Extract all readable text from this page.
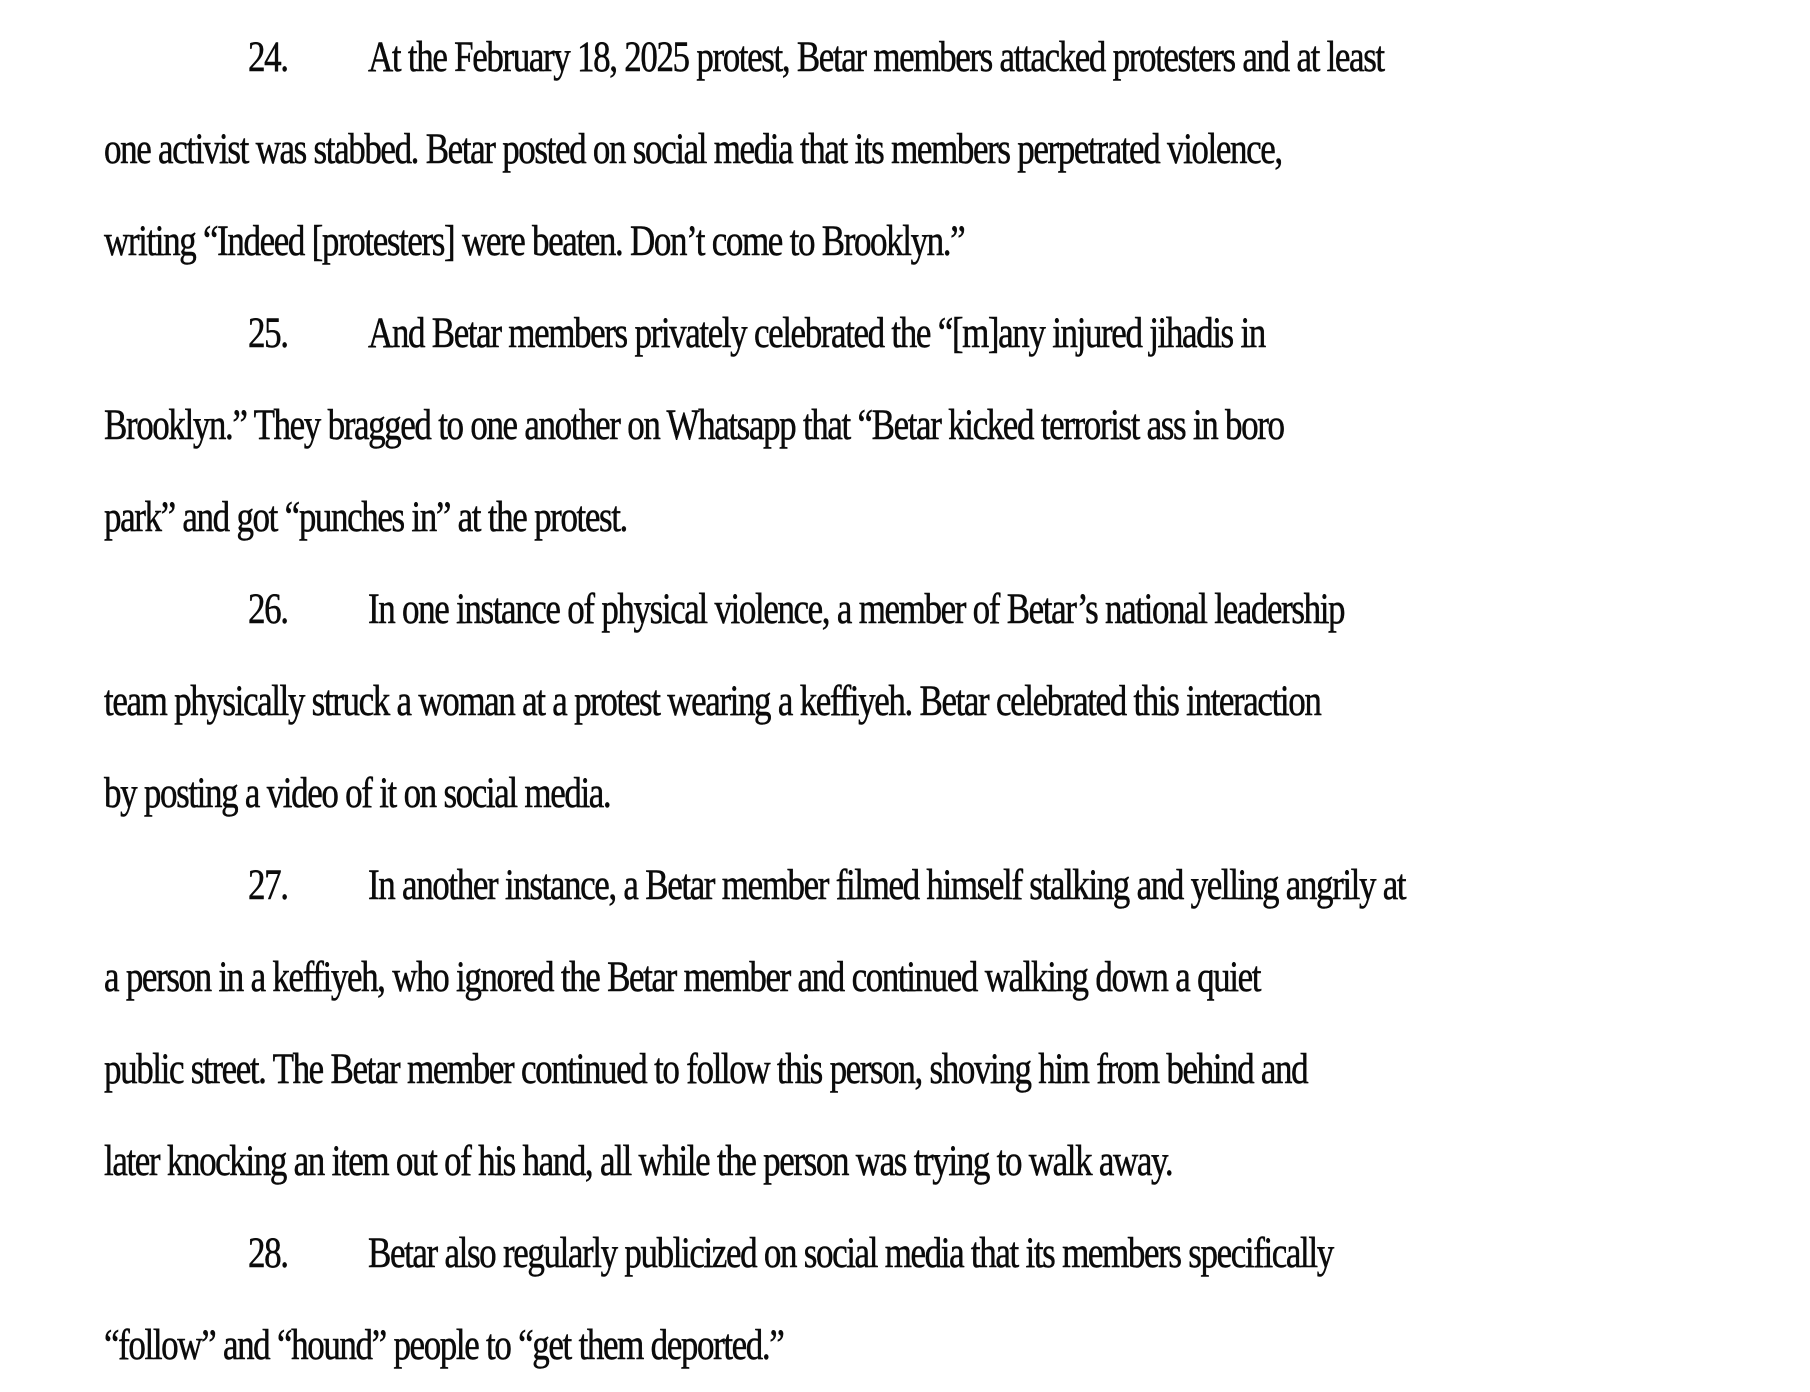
24. At the February 18, 2025 protest, Betar members attacked protesters and at least
one activist was stabbed. Betar posted on social media that its members perpetrated violence,
writing “Indeed [protesters] were beaten. Don’t come to Brooklyn.”
25. And Betar members privately celebrated the “[m]any injured jihadis in
Brooklyn.” They bragged to one another on Whatsapp that “Betar kicked terrorist ass in boro
park” and got “punches in” at the protest.
26. In one instance of physical violence, a member of Betar’s national leadership
team physically struck a woman at a protest wearing a keffiyeh. Betar celebrated this interaction
by posting a video of it on social media.
27. In another instance, a Betar member filmed himself stalking and yelling angrily at
a person in a keffiyeh, who ignored the Betar member and continued walking down a quiet
public street. The Betar member continued to follow this person, shoving him from behind and
later knocking an item out of his hand, all while the person was trying to walk away.
28. Betar also regularly publicized on social media that its members specifically
“follow” and “hound” people to “get them deported.”
